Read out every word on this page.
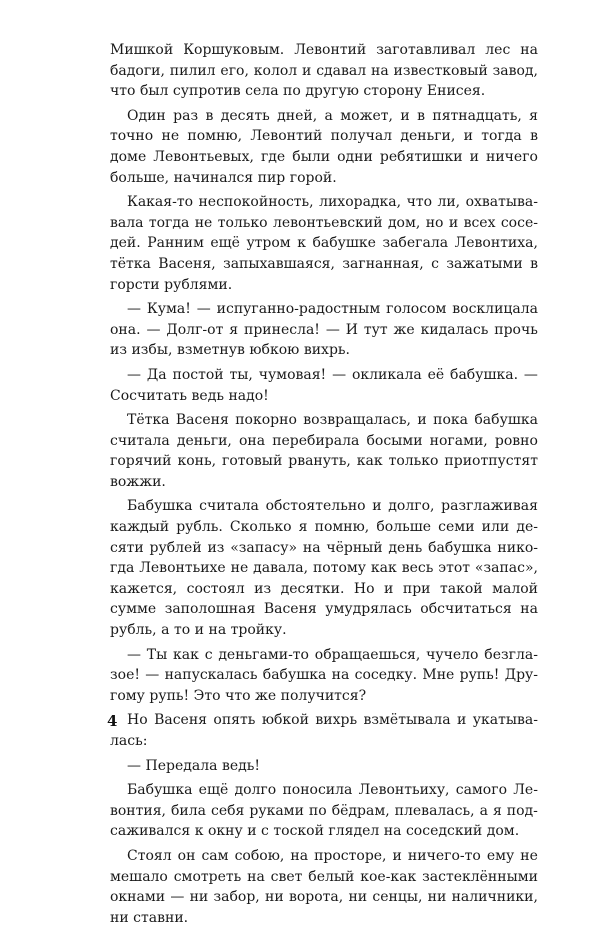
Мишкой Коршуковым. Левонтий заготавливал лес на
бадоги, пилил его, колол и сдавал на известковый завод,
что был супротив села по другую сторону Енисея.
Один раз в десять дней, а может, и в пятнадцать, я
точно не помню, Левонтий получал деньги, и тогда в
доме Левонтьевых, где были одни ребятишки и ничего
больше, начинался пир горой.
Какая-то неспокойность, лихорадка, что ли, охватыва-
вала тогда не только левонтьевский дом, но и всех сосе-
дей. Ранним ещё утром к бабушке забегала Левонтиха,
тётка Васеня, запыхавшаяся, загнанная, с зажатыми в
горсти рублями.
— Кума! — испуганно-радостным голосом восклицала
она. — Долг-от я принесла! — И тут же кидалась прочь
из избы, взметнув юбкою вихрь.
— Да постой ты, чумовая! — окликала её бабушка. —
Сосчитать ведь надо!
Тётка Васеня покорно возвращалась, и пока бабушка
считала деньги, она перебирала босыми ногами, ровно
горячий конь, готовый рвануть, как только приотпустят
вожжи.
Бабушка считала обстоятельно и долго, разглаживая
каждый рубль. Сколько я помню, больше семи или де-
сяти рублей из «запасу» на чёрный день бабушка нико-
гда Левонтьихе не давала, потому как весь этот «запас»,
кажется, состоял из десятки. Но и при такой малой
сумме заполошная Васеня умудрялась обсчитаться на
рубль, а то и на тройку.
— Ты как с деньгами-то обращаешься, чучело безгла-
зое! — напускалась бабушка на соседку. Мне рупь! Дру-
гому рупь! Это что же получится?
Но Васеня опять юбкой вихрь взмётывала и укатыва-
лась:
— Передала ведь!
Бабушка ещё долго поносила Левонтьиху, самого Ле-
вонтия, била себя руками по бёдрам, плевалась, а я под-
саживался к окну и с тоской глядел на соседский дом.
Стоял он сам собою, на просторе, и ничего-то ему не
мешало смотреть на свет белый кое-как застеклёнными
окнами — ни забор, ни ворота, ни сенцы, ни наличники,
ни ставни.
4
